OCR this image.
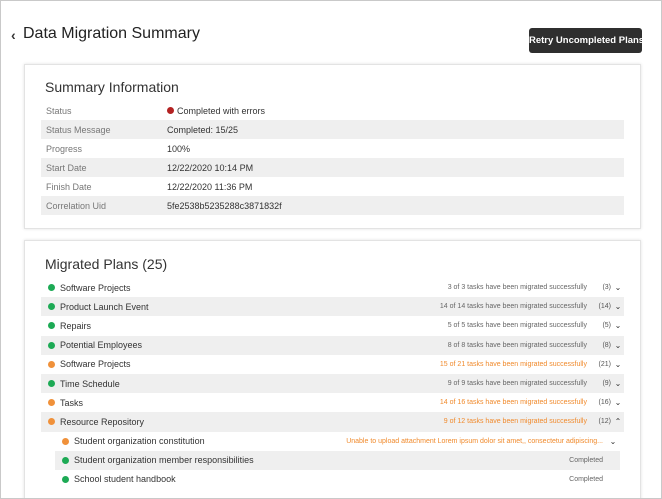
‹ Data Migration Summary	Retry Uncompleted Plans
Summary Information
Status	Completed with errors
Status Message	Completed: 15/25
Progress	100%
Start Date	12/22/2020 10:14 PM
Finish Date	12/22/2020 11:36 PM
Correlation Uid	5fe2538b5235288c3871832f
Migrated Plans (25)
Software Projects	3 of 3 tasks have been migrated successfully	(3) ⌄
Product Launch Event	14 of 14 tasks have been migrated successfully	(14) ⌄
Repairs	5 of 5 tasks have been migrated successfully	(5) ⌄
Potential Employees	8 of 8 tasks have been migrated successfully	(8) ⌄
Software Projects	15 of 21 tasks have been migrated successfully	(21) ⌄
Time Schedule	9 of 9 tasks have been migrated successfully	(9) ⌄
Tasks	14 of 16 tasks have been migrated successfully	(16) ⌄
Resource Repository	9 of 12 tasks have been migrated successfully	(12) ⌃
Student organization constitution	Unable to upload attachment Lorem ipsum dolor sit amet,, consectetur adipiscing... ⌄
Student organization member responsibilities	Completed
School student handbook	Completed
